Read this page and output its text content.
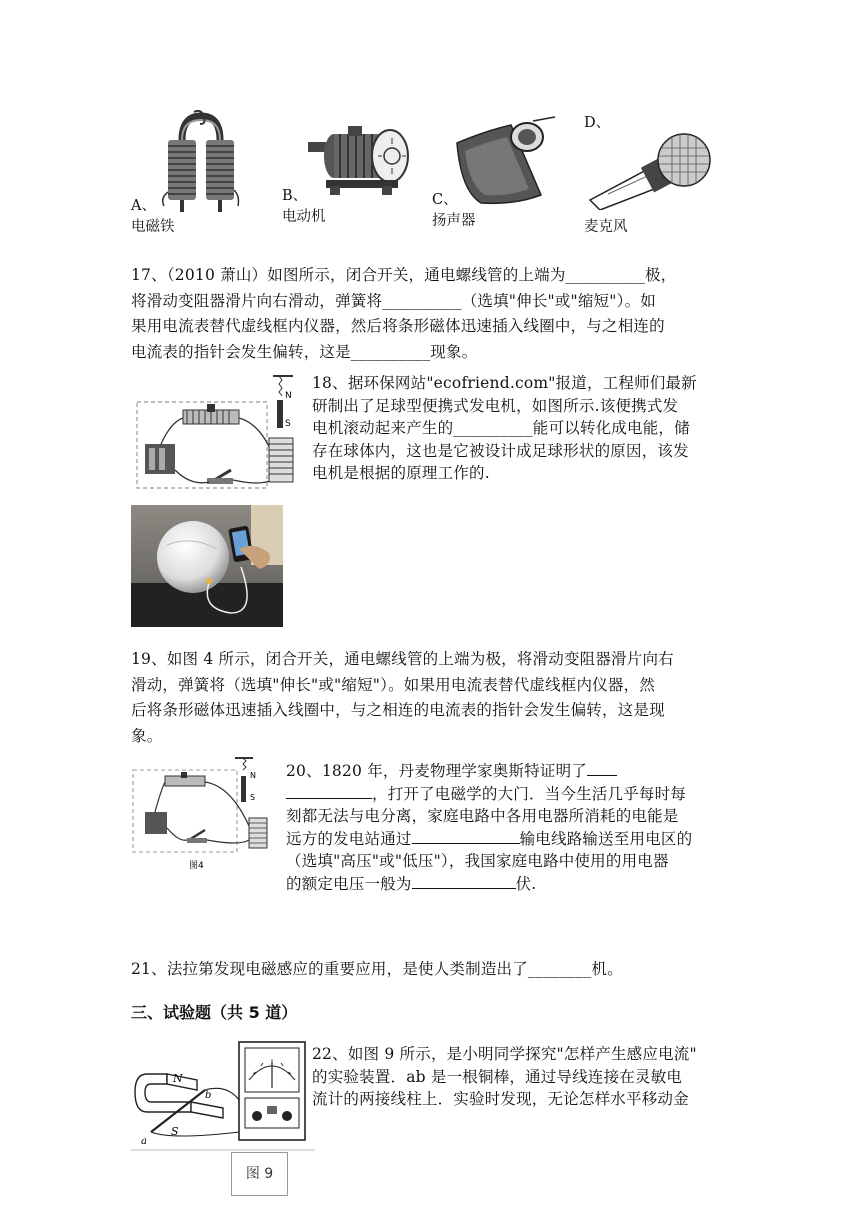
A、
电磁铁
B、
电动机
C、
扬声器
D、
麦克风
17、（2010 萧山）如图所示，闭合开关，通电螺线管的上端为__________极，
将滑动变阻器滑片向右滑动，弹簧将__________（选填"伸长"或"缩短"）。如
果用电流表替代虚线框内仪器，然后将条形磁体迅速插入线圈中，与之相连的
电流表的指针会发生偏转，这是__________现象。
N
S
18、据环保网站"ecofriend.com"报道，工程师们最新
研制出了足球型便携式发电机，如图所示.该便携式发
电机滚动起来产生的__________能可以转化成电能，储
存在球体内，这也是它被设计成足球形状的原因，该发
电机是根据的原理工作的.
19、如图 4 所示，闭合开关，通电螺线管的上端为极，将滑动变阻器滑片向右
滑动，弹簧将（选填"伸长"或"缩短"）。如果用电流表替代虚线框内仪器，然
后将条形磁体迅速插入线圈中，与之相连的电流表的指针会发生偏转，这是现
象。
N
S
图4
20、1820 年，丹麦物理学家奥斯特证明了
，打开了电磁学的大门．当今生活几乎每时每
刻都无法与电分离，家庭电路中各用电器所消耗的电能是
远方的发电站通过	输电线路输送至用电区的
（选填"高压"或"低压"），我国家庭电路中使用的用电器
的额定电压一般为	伏.
21、法拉第发现电磁感应的重要应用，是使人类制造出了________机。
三、试验题（共 5 道）
N
S
a
b
图 9
22、如图 9 所示，是小明同学探究"怎样产生感应电流"
的实验装置．ab 是一根铜棒，通过导线连接在灵敏电
流计的两接线柱上．实验时发现，无论怎样水平移动金
